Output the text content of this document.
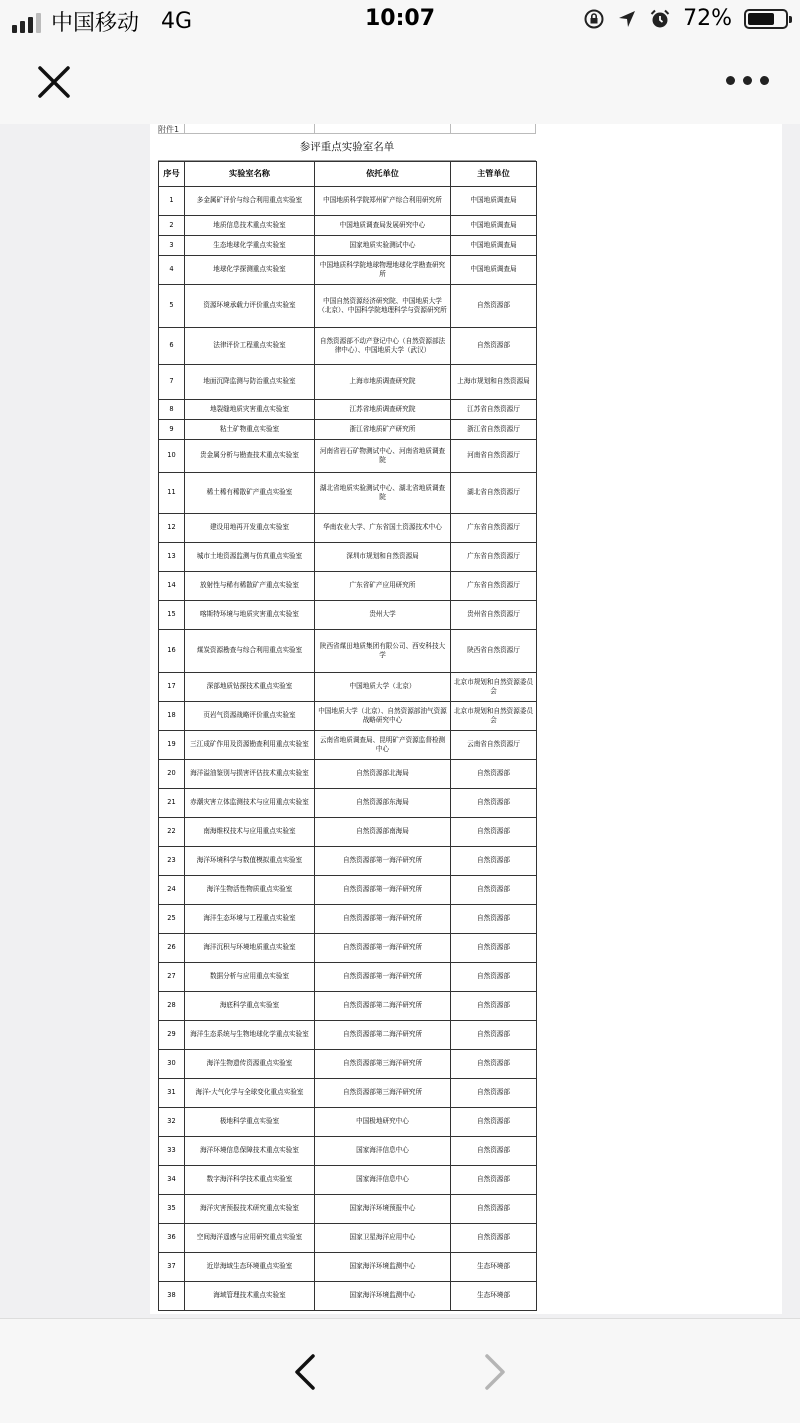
中国移动 4G	10:07	72%
附件1
参评重点实验室名单
序号	实验室名称	依托单位	主管单位
1	多金属矿评价与综合利用重点实验室	中国地质科学院郑州矿产综合利用研究所	中国地质调查局
2	地质信息技术重点实验室	中国地质调查局发展研究中心	中国地质调查局
3	生态地球化学重点实验室	国家地质实验测试中心	中国地质调查局
4	地球化学探测重点实验室	中国地质科学院地球物理地球化学勘查研究所	中国地质调查局
5	资源环境承载力评价重点实验室	中国自然资源经济研究院、中国地质大学（北京）、中国科学院地理科学与资源研究所	自然资源部
6	法律评价工程重点实验室	自然资源部不动产登记中心（自然资源部法律中心）、中国地质大学（武汉）	自然资源部
7	地面沉降监测与防治重点实验室	上海市地质调查研究院	上海市规划和自然资源局
8	地裂缝地质灾害重点实验室	江苏省地质调查研究院	江苏省自然资源厅
9	粘土矿物重点实验室	浙江省地质矿产研究所	浙江省自然资源厅
10	贵金属分析与勘查技术重点实验室	河南省岩石矿物测试中心、河南省地质调查院	河南省自然资源厅
11	稀土稀有稀散矿产重点实验室	湖北省地质实验测试中心、湖北省地质调查院	湖北省自然资源厅
12	建设用地再开发重点实验室	华南农业大学、广东省国土资源技术中心	广东省自然资源厅
13	城市土地资源监测与仿真重点实验室	深圳市规划和自然资源局	广东省自然资源厅
14	放射性与稀有稀散矿产重点实验室	广东省矿产应用研究所	广东省自然资源厅
15	喀斯特环境与地质灾害重点实验室	贵州大学	贵州省自然资源厅
16	煤炭资源勘查与综合利用重点实验室	陕西省煤田地质集团有限公司、西安科技大学	陕西省自然资源厅
17	深部地质钻探技术重点实验室	中国地质大学（北京）	北京市规划和自然资源委员会
18	页岩气资源战略评价重点实验室	中国地质大学（北京）、自然资源部油气资源战略研究中心	北京市规划和自然资源委员会
19	三江成矿作用及资源勘查利用重点实验室	云南省地质调查局、昆明矿产资源监督检测中心	云南省自然资源厅
20	海洋溢油鉴别与损害评估技术重点实验室	自然资源部北海局	自然资源部
21	赤潮灾害立体监测技术与应用重点实验室	自然资源部东海局	自然资源部
22	南海维权技术与应用重点实验室	自然资源部南海局	自然资源部
23	海洋环境科学与数值模拟重点实验室	自然资源部第一海洋研究所	自然资源部
24	海洋生物活性物质重点实验室	自然资源部第一海洋研究所	自然资源部
25	海洋生态环境与工程重点实验室	自然资源部第一海洋研究所	自然资源部
26	海洋沉积与环境地质重点实验室	自然资源部第一海洋研究所	自然资源部
27	数据分析与应用重点实验室	自然资源部第一海洋研究所	自然资源部
28	海底科学重点实验室	自然资源部第二海洋研究所	自然资源部
29	海洋生态系统与生物地球化学重点实验室	自然资源部第二海洋研究所	自然资源部
30	海洋生物遗传资源重点实验室	自然资源部第三海洋研究所	自然资源部
31	海洋-大气化学与全球变化重点实验室	自然资源部第三海洋研究所	自然资源部
32	极地科学重点实验室	中国极地研究中心	自然资源部
33	海洋环境信息保障技术重点实验室	国家海洋信息中心	自然资源部
34	数字海洋科学技术重点实验室	国家海洋信息中心	自然资源部
35	海洋灾害预报技术研究重点实验室	国家海洋环境预报中心	自然资源部
36	空间海洋遥感与应用研究重点实验室	国家卫星海洋应用中心	自然资源部
37	近岸海域生态环境重点实验室	国家海洋环境监测中心	生态环境部
38	海域管理技术重点实验室	国家海洋环境监测中心	生态环境部
